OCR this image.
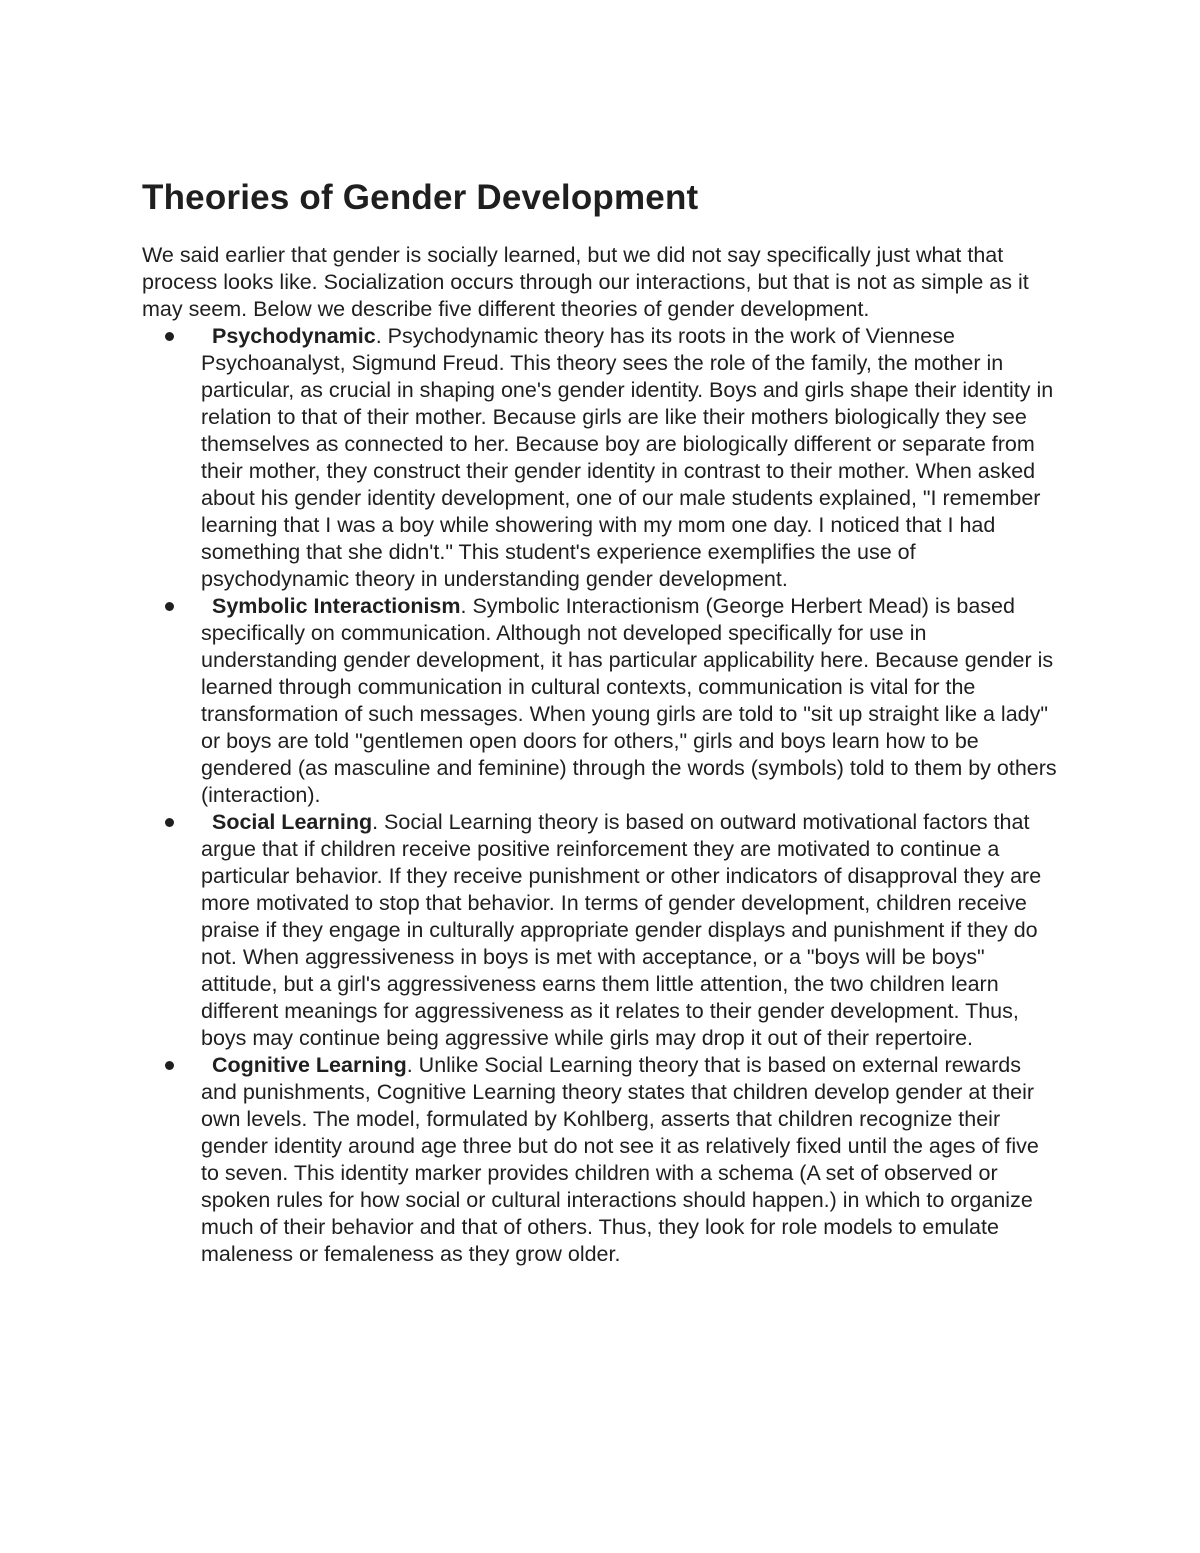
Theories of Gender Development

We said earlier that gender is socially learned, but we did not say specifically just what that process looks like. Socialization occurs through our interactions, but that is not as simple as it may seem. Below we describe five different theories of gender development.

Psychodynamic. Psychodynamic theory has its roots in the work of Viennese Psychoanalyst, Sigmund Freud. This theory sees the role of the family, the mother in particular, as crucial in shaping one's gender identity. Boys and girls shape their identity in relation to that of their mother. Because girls are like their mothers biologically they see themselves as connected to her. Because boy are biologically different or separate from their mother, they construct their gender identity in contrast to their mother. When asked about his gender identity development, one of our male students explained, "I remember learning that I was a boy while showering with my mom one day. I noticed that I had something that she didn't." This student's experience exemplifies the use of psychodynamic theory in understanding gender development.
Symbolic Interactionism. Symbolic Interactionism (George Herbert Mead) is based specifically on communication. Although not developed specifically for use in understanding gender development, it has particular applicability here. Because gender is learned through communication in cultural contexts, communication is vital for the transformation of such messages. When young girls are told to "sit up straight like a lady" or boys are told "gentlemen open doors for others," girls and boys learn how to be gendered (as masculine and feminine) through the words (symbols) told to them by others (interaction).
Social Learning. Social Learning theory is based on outward motivational factors that argue that if children receive positive reinforcement they are motivated to continue a particular behavior. If they receive punishment or other indicators of disapproval they are more motivated to stop that behavior. In terms of gender development, children receive praise if they engage in culturally appropriate gender displays and punishment if they do not. When aggressiveness in boys is met with acceptance, or a "boys will be boys" attitude, but a girl's aggressiveness earns them little attention, the two children learn different meanings for aggressiveness as it relates to their gender development. Thus, boys may continue being aggressive while girls may drop it out of their repertoire.
Cognitive Learning. Unlike Social Learning theory that is based on external rewards and punishments, Cognitive Learning theory states that children develop gender at their own levels. The model, formulated by Kohlberg, asserts that children recognize their gender identity around age three but do not see it as relatively fixed until the ages of five to seven. This identity marker provides children with a schema (A set of observed or spoken rules for how social or cultural interactions should happen.) in which to organize much of their behavior and that of others. Thus, they look for role models to emulate maleness or femaleness as they grow older.
